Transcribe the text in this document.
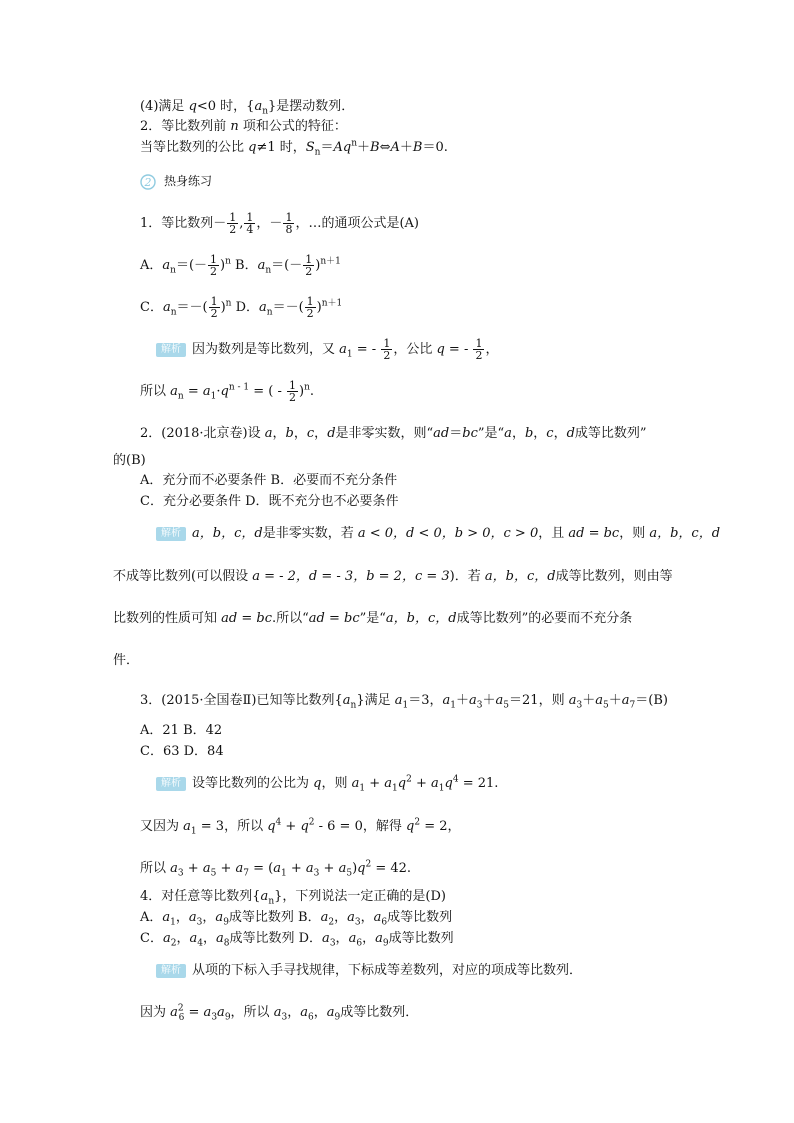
(4)满足 q<0 时，$\{a_n\}$是摆动数列．
2．等比数列前 n 项和公式的特征：
当等比数列的公比 q≠1 时，$S_n=Aq^n+B\Leftrightarrow A+B=0$.
2 热身练习
1．等比数列－ $\frac{1}{2}$ , $\frac{1}{4}$ ，－ $\frac{1}{8}$ ，…的通项公式是(A)
A．$a_n=(- \frac{1}{2} )^n$ B．$a_n=(- \frac{1}{2} )^{n+1}$
C．$a_n=-( \frac{1}{2} )^n$ D．$a_n=-( \frac{1}{2} )^{n+1}$
解析 因为数列是等比数列，又 $a_1$ = - $\frac{1}{2}$ ，公比 q = - $\frac{1}{2}$ ，
所以 $a_n = a_1\cdot q^{n - 1}$ = ( - $\frac{1}{2} )^n$.
2．(2018·北京卷)设 a，b，c，d是非零实数，则“ad＝bc”是“a，b，c，d成等比数列”
的(B)
A．充分而不必要条件 B．必要而不充分条件
C．充分必要条件 D．既不充分也不必要条件
解析 a，b，c，d是非零实数，若 a < 0，d < 0，b > 0，c > 0，且 ad = bc，则 a，b，c，d
不成等比数列(可以假设 a = - 2，d = - 3，b = 2，c = 3)．若 a，b，c，d成等比数列，则由等
比数列的性质可知 ad = bc.所以“ad = bc”是“a，b，c，d成等比数列”的必要而不充分条
件．
3．(2015·全国卷Ⅱ)已知等比数列$\{a_n\}$满足 $a_1=3$，$a_1+a_3+a_5=21$，则 $a_3+a_5+a_7=(B)$
A．21 B．42
C．63 D．84
解析 设等比数列的公比为 q，则 $a_1 + a_1q^2 + a_1q^4 = 21$.
又因为 $a_1 = 3$，所以 $q^4 + q^2 - 6 = 0$，解得 $q^2 = 2$，
所以 $a_3 + a_5 + a_7 = (a_1 + a_3 + a_5)q^2 = 42$.
4．对任意等比数列$\{a_n\}$，下列说法一定正确的是(D)
A．$a_1$，$a_3$，$a_9$成等比数列 B．$a_2$，$a_3$，$a_6$成等比数列
C．$a_2$，$a_4$，$a_8$成等比数列 D．$a_3$，$a_6$，$a_9$成等比数列
解析 从项的下标入手寻找规律，下标成等差数列，对应的项成等比数列．
因为 $a^2_6 = a_3a_9$，所以 $a_3$，$a_6$，$a_9$成等比数列．
